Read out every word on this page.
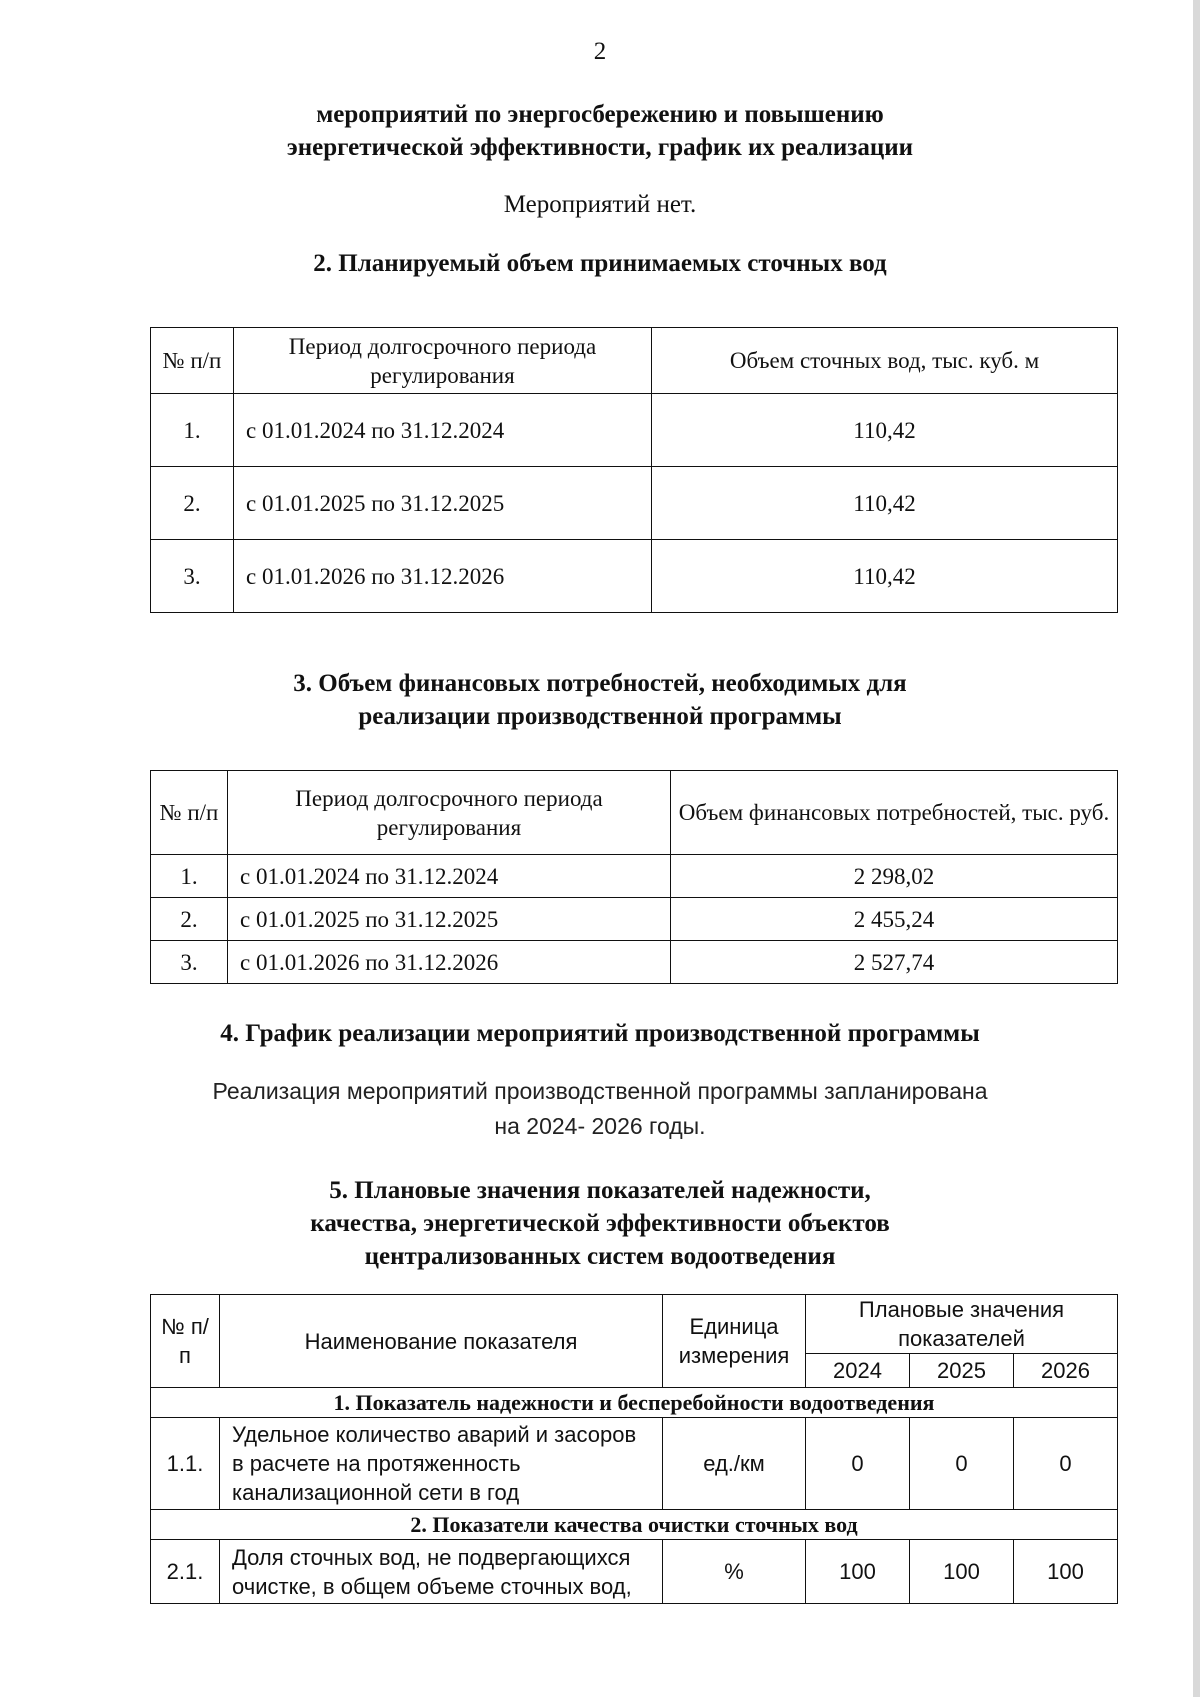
2
мероприятий по энергосбережению и повышению
энергетической эффективности, график их реализации
Мероприятий нет.
2. Планируемый объем принимаемых сточных вод
№ п/п	Период долгосрочного периода регулирования	Объем сточных вод, тыс. куб. м
1.	с 01.01.2024 по 31.12.2024	110,42
2.	с 01.01.2025 по 31.12.2025	110,42
3.	с 01.01.2026 по 31.12.2026	110,42
3. Объем финансовых потребностей, необходимых для
реализации производственной программы
№ п/п	Период долгосрочного периода регулирования	Объем финансовых потребностей, тыс. руб.
1.	с 01.01.2024 по 31.12.2024	2 298,02
2.	с 01.01.2025 по 31.12.2025	2 455,24
3.	с 01.01.2026 по 31.12.2026	2 527,74
4. График реализации мероприятий производственной программы
Реализация мероприятий производственной программы запланирована
на 2024- 2026 годы.
5. Плановые значения показателей надежности,
качества, энергетической эффективности объектов
централизованных систем водоотведения
№ п/п	Наименование показателя	Единица измерения	Плановые значения показателей		
			2024	2025	2026
1. Показатель надежности и бесперебойности водоотведения					
1.1.	Удельное количество аварий и засоров
в расчете на протяженность
канализационной сети в год	ед./км	0	0	0
2. Показатели качества очистки сточных вод					
2.1.	Доля сточных вод, не подвергающихся
очистке, в общем объеме сточных вод,	%	100	100	100
